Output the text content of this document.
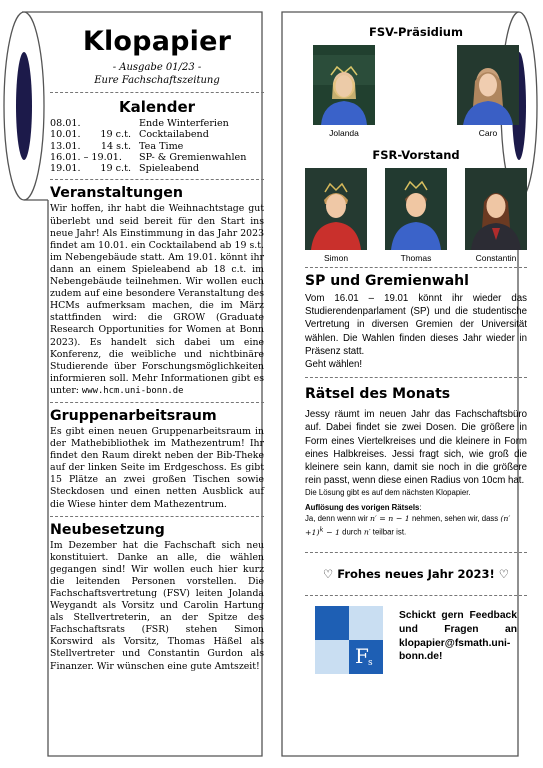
Klopapier
- Ausgabe 01/23 -
Eure Fachschaftszeitung
Kalender
08.01.	Ende Winterferien
10.01.	19 c.t. Cocktailabend
13.01.	14 s.t. Tea Time
16.01. – 19.01.	SP- & Gremienwahlen
19.01.	19 c.t. Spieleabend
Veranstaltungen
Wir hoffen, ihr habt die Weihnachtstage gut überlebt und seid bereit für den Start ins neue Jahr! Als Einstimmung in das Jahr 2023 findet am 10.01. ein Cocktailabend ab 19 s.t. im Nebengebäude statt. Am 19.01. könnt ihr dann an einem Spieleabend ab 18 c.t. im Nebengebäude teilnehmen. Wir wollen euch zudem auf eine besondere Veranstaltung des HCMs aufmerksam machen, die im März stattfinden wird: die GROW (Graduate Research Opportunities for Women at Bonn 2023). Es handelt sich dabei um eine Konferenz, die weibliche und nichtbinäre Studierende über Forschungsmöglichkeiten informieren soll. Mehr Informationen gibt es unter: www.hcm.uni-bonn.de
Gruppenarbeitsraum
Es gibt einen neuen Gruppenarbeitsraum in der Mathebibliothek im Mathezentrum! Ihr findet den Raum direkt neben der Bib-Theke auf der linken Seite im Erdgeschoss. Es gibt 15 Plätze an zwei großen Tischen sowie Steckdosen und einen netten Ausblick auf die Wiese hinter dem Mathezentrum.
Neubesetzung
Im Dezember hat die Fachschaft sich neu konstituiert. Danke an alle, die wählen gegangen sind! Wir wollen euch hier kurz die leitenden Personen vorstellen. Die Fachschaftsvertretung (FSV) leiten Jolanda Weygandt als Vorsitz und Carolin Hartung als Stellvertreterin, an der Spitze des Fachschaftsrats (FSR) stehen Simon Korswird als Vorsitz, Thomas Häßel als Stellvertreter und Constantin Gurdon als Finanzer. Wir wünschen eine gute Amtszeit!
FSV-Präsidium
Jolanda	Caro
FSR-Vorstand
Simon	Thomas	Constantin
SP und Gremienwahl
Vom 16.01 – 19.01 könnt ihr wieder das Studierendenparlament (SP) und die studentische Vertretung in diversen Gremien der Universität wählen. Die Wahlen finden dieses Jahr wieder in Präsenz statt.
Geht wählen!
Rätsel des Monats
Jessy räumt im neuen Jahr das Fachschaftsbüro auf. Dabei findet sie zwei Dosen. Die größere in Form eines Viertelkreises und die kleinere in Form eines Halbkreises. Jessi fragt sich, wie groß die kleinere sein kann, damit sie noch in die größere rein passt, wenn diese einen Radius von 10cm hat.
Die Lösung gibt es auf dem nächsten Klopapier.
Auflösung des vorigen Rätsels:
Ja, denn wenn wir n′ = n − 1 nehmen, sehen wir, dass $(n'+1)^k - 1$ durch n′ teilbar ist.
♡ Frohes neues Jahr 2023! ♡
F s
Schickt gern Feedback und Fragen an klopapier@fsmath.uni-bonn.de!
